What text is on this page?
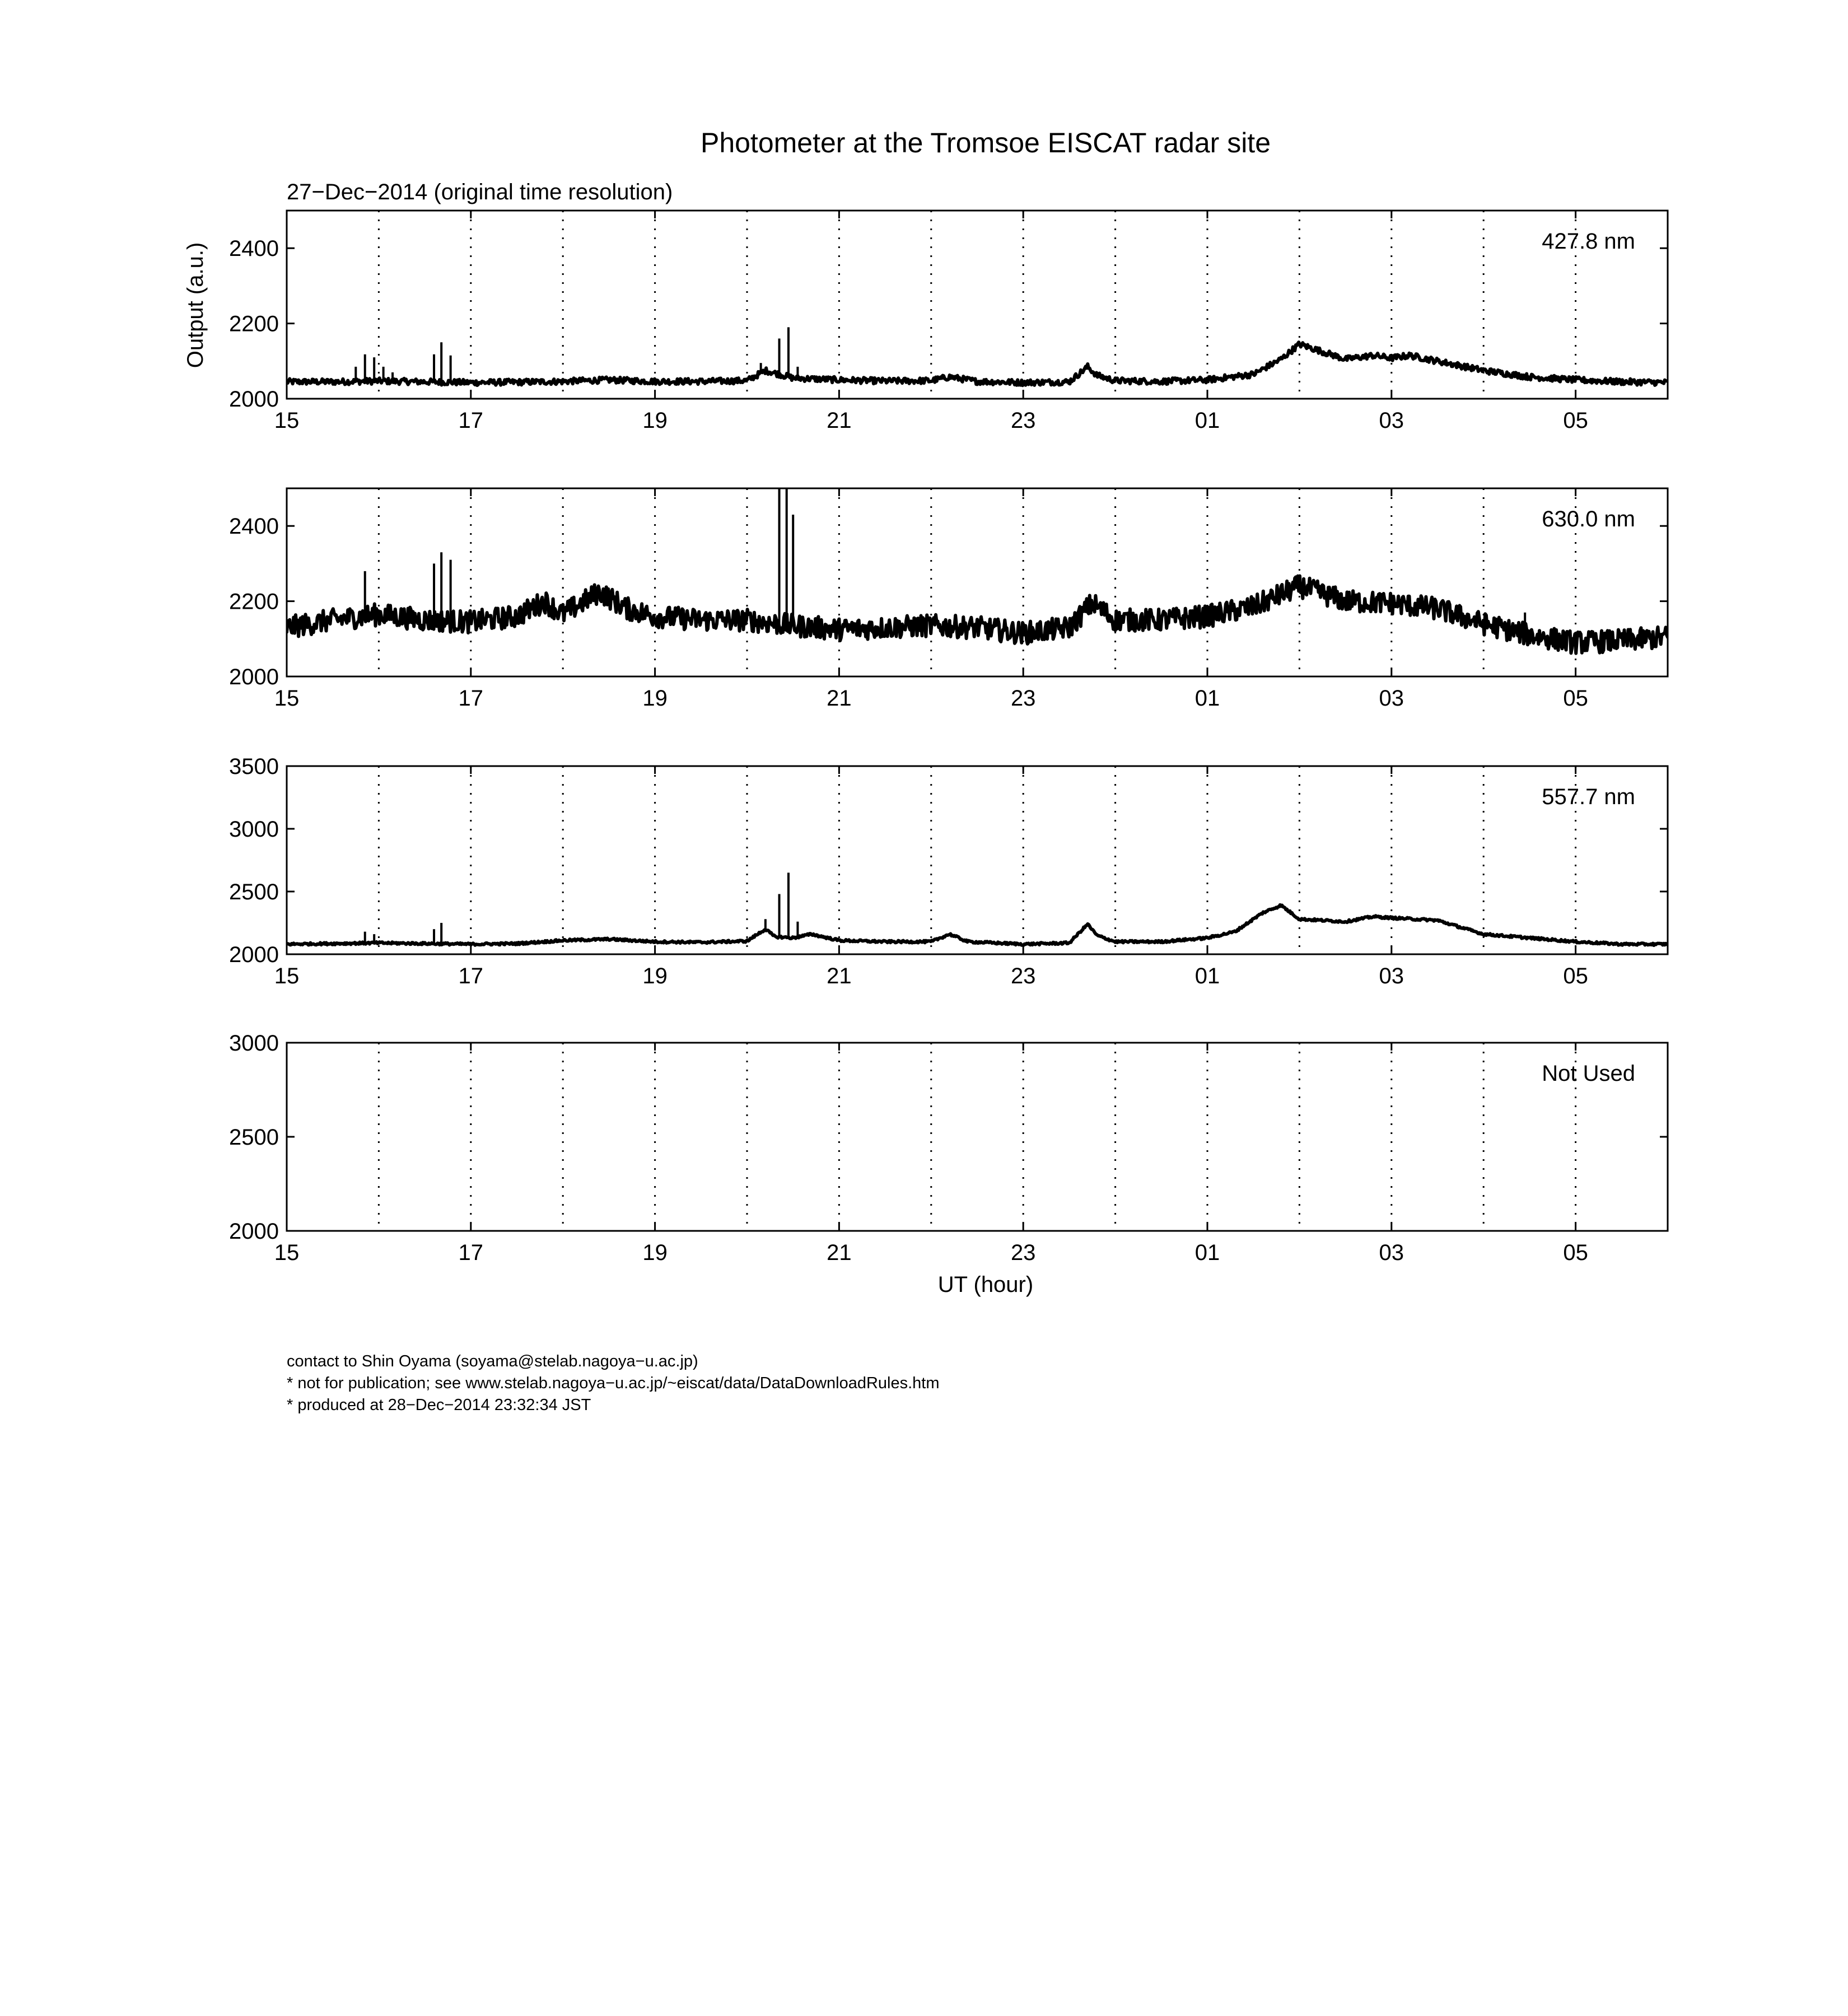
Photometer at the Tromsoe EISCAT radar site
27−Dec−2014 (original time resolution)
Output (a.u.)
UT (hour)
15	17	19	21	23	01	03	05
2000
2200
2400	427.8 nm
15	17	19	21	23	01	03	05
2000
2200
2400	630.0 nm
15	17	19	21	23	01	03	05
2000
2500
3000
3500
557.7 nm
15	17	19	21	23	01	03	05
2000
2500
3000
Not Used
contact to Shin Oyama (soyama@stelab.nagoya−u.ac.jp)
* not for publication; see www.stelab.nagoya−u.ac.jp/~eiscat/data/DataDownloadRules.htm
* produced at 28−Dec−2014 23:32:34 JST
